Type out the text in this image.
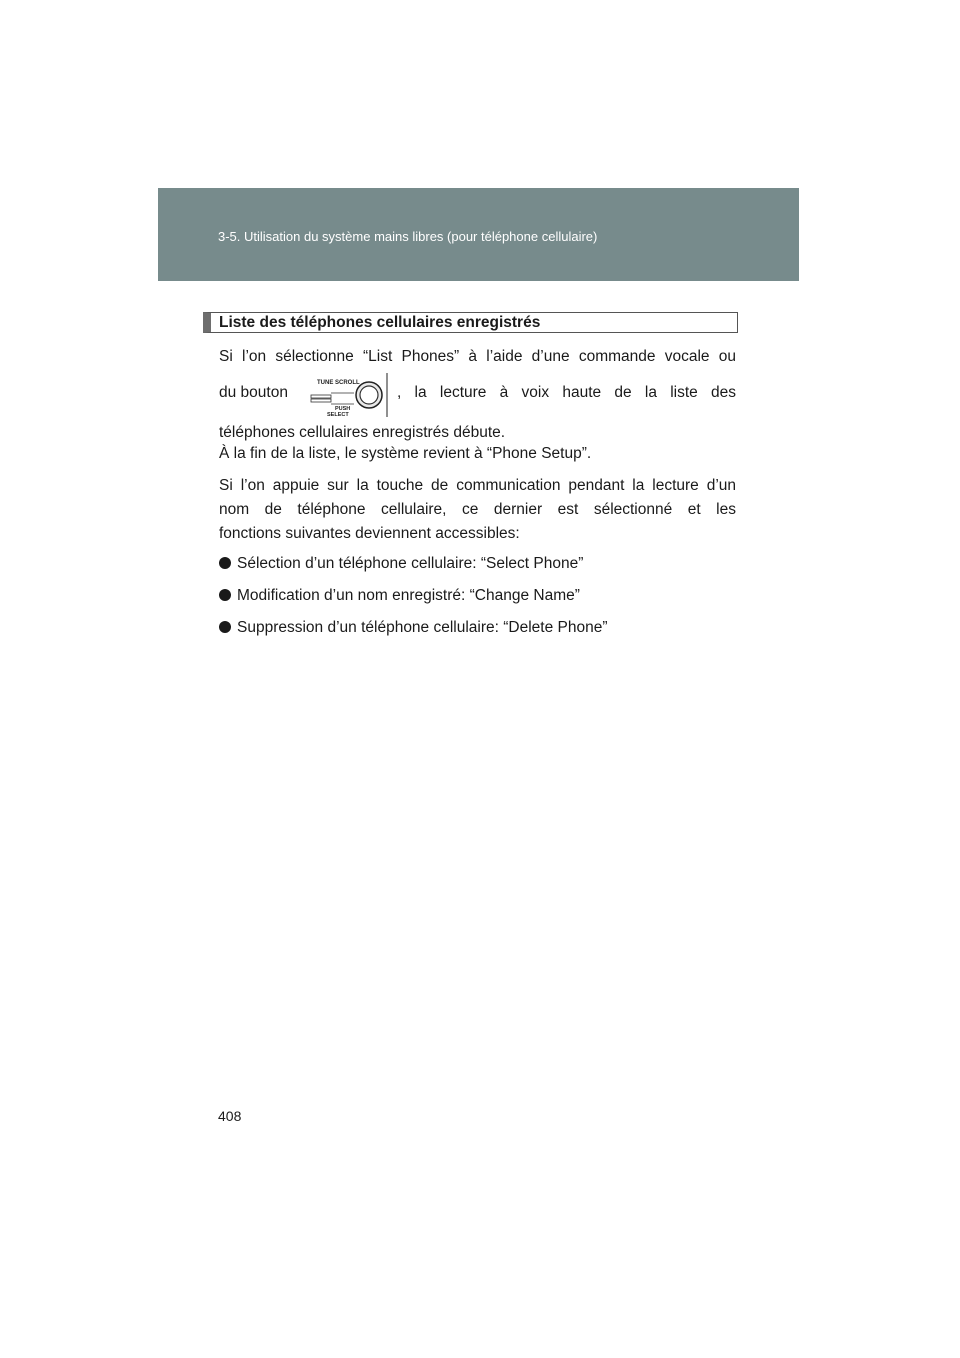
3-5. Utilisation du système mains libres (pour téléphone cellulaire)
Liste des téléphones cellulaires enregistrés
Si l’on sélectionne “List Phones” à l’aide d’une commande vocale ou
du bouton
TUNE SCROLL
PUSH
SELECT
, la lecture à voix haute de la liste des
téléphones cellulaires enregistrés débute.
À la fin de la liste, le système revient à “Phone Setup”.
Si l’on appuie sur la touche de communication pendant la lecture d’un
nom de téléphone cellulaire, ce dernier est sélectionné et les
fonctions suivantes deviennent accessibles:
Sélection d’un téléphone cellulaire: “Select Phone”
Modification d’un nom enregistré: “Change Name”
Suppression d’un téléphone cellulaire: “Delete Phone”
408
